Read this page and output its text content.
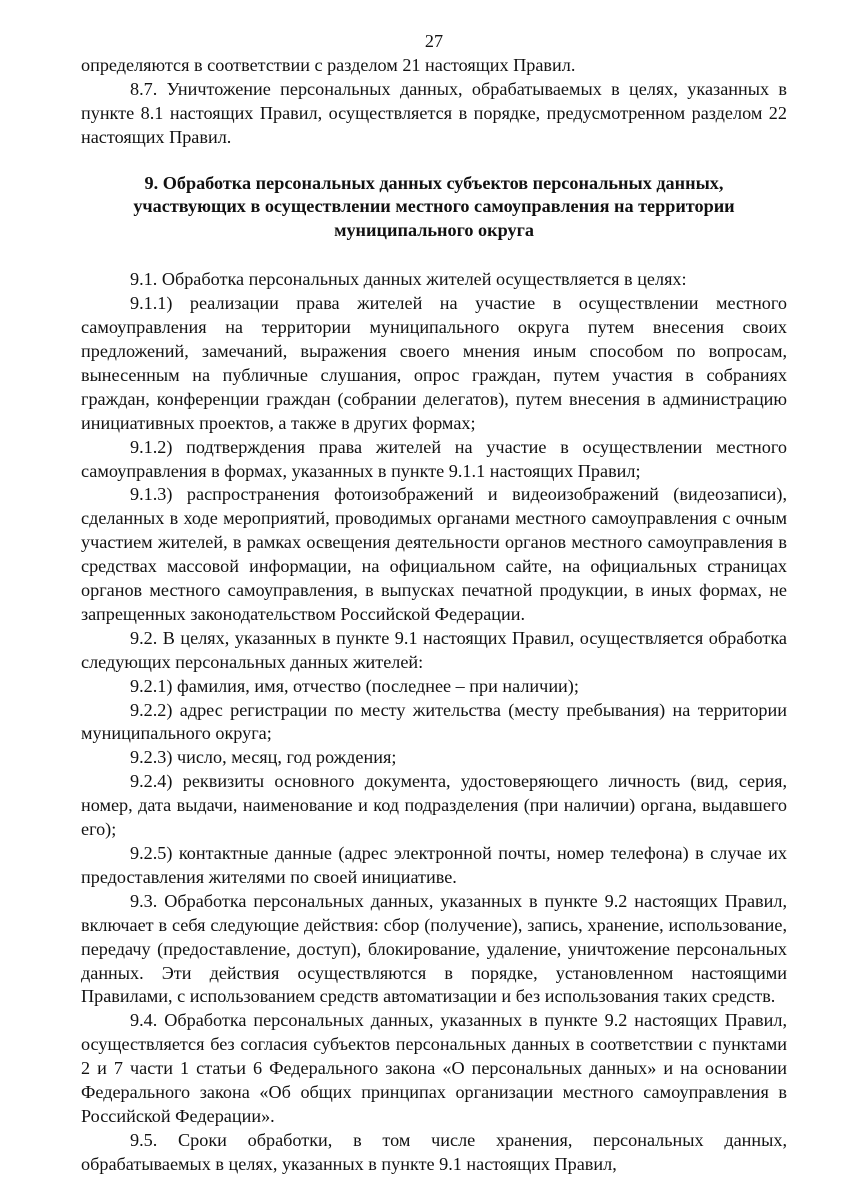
27

определяются в соответствии с разделом 21 настоящих Правил.

8.7. Уничтожение персональных данных, обрабатываемых в целях, указанных в пункте 8.1 настоящих Правил, осуществляется в порядке, предусмотренном разделом 22 настоящих Правил.

9. Обработка персональных данных субъектов персональных данных, участвующих в осуществлении местного самоуправления на территории муниципального округа

9.1. Обработка персональных данных жителей осуществляется в целях:

9.1.1) реализации права жителей на участие в осуществлении местного самоуправления на территории муниципального округа путем внесения своих предложений, замечаний, выражения своего мнения иным способом по вопросам, вынесенным на публичные слушания, опрос граждан, путем участия в собраниях граждан, конференции граждан (собрании делегатов), путем внесения в администрацию инициативных проектов, а также в других формах;

9.1.2) подтверждения права жителей на участие в осуществлении местного самоуправления в формах, указанных в пункте 9.1.1 настоящих Правил;

9.1.3) распространения фотоизображений и видеоизображений (видеозаписи), сделанных в ходе мероприятий, проводимых органами местного самоуправления с очным участием жителей, в рамках освещения деятельности органов местного самоуправления в средствах массовой информации, на официальном сайте, на официальных страницах органов местного самоуправления, в выпусках печатной продукции, в иных формах, не запрещенных законодательством Российской Федерации.

9.2. В целях, указанных в пункте 9.1 настоящих Правил, осуществляется обработка следующих персональных данных жителей:

9.2.1) фамилия, имя, отчество (последнее – при наличии);

9.2.2) адрес регистрации по месту жительства (месту пребывания) на территории муниципального округа;

9.2.3) число, месяц, год рождения;

9.2.4) реквизиты основного документа, удостоверяющего личность (вид, серия, номер, дата выдачи, наименование и код подразделения (при наличии) органа, выдавшего его);

9.2.5) контактные данные (адрес электронной почты, номер телефона) в случае их предоставления жителями по своей инициативе.

9.3. Обработка персональных данных, указанных в пункте 9.2 настоящих Правил, включает в себя следующие действия: сбор (получение), запись, хранение, использование, передачу (предоставление, доступ), блокирование, удаление, уничтожение персональных данных. Эти действия осуществляются в порядке, установленном настоящими Правилами, с использованием средств автоматизации и без использования таких средств.

9.4. Обработка персональных данных, указанных в пункте 9.2 настоящих Правил, осуществляется без согласия субъектов персональных данных в соответствии с пунктами 2 и 7 части 1 статьи 6 Федерального закона «О персональных данных» и на основании Федерального закона «Об общих принципах организации местного самоуправления в Российской Федерации».

9.5. Сроки обработки, в том числе хранения, персональных данных, обрабатываемых в целях, указанных в пункте 9.1 настоящих Правил,
